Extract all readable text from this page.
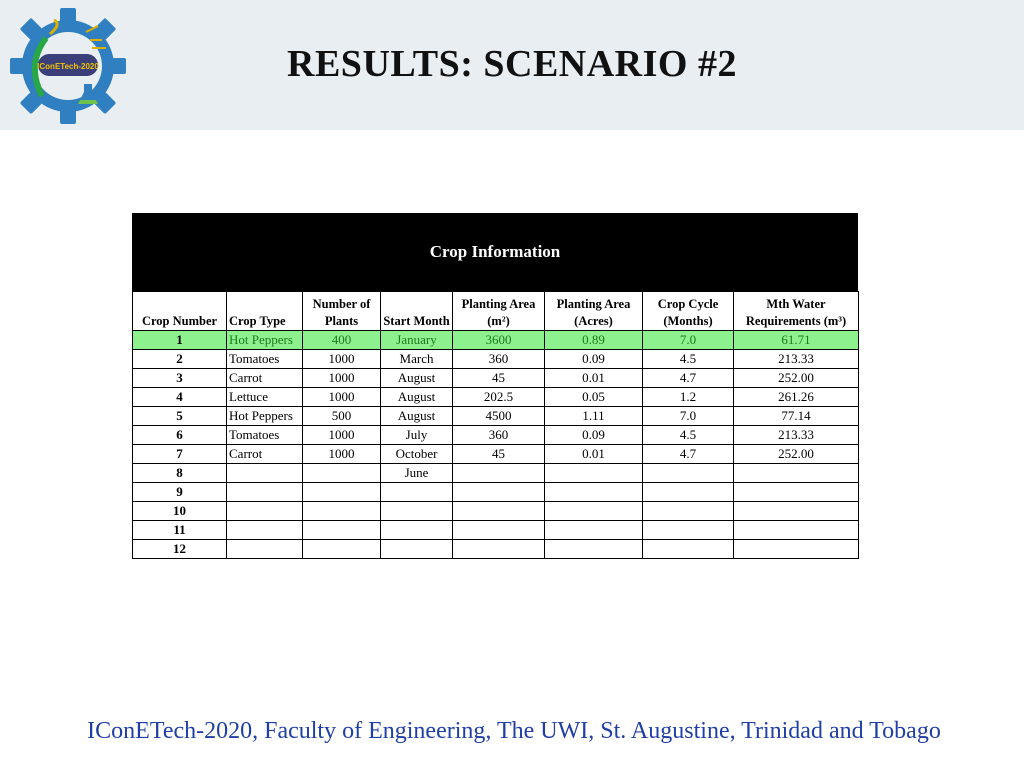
IConETech-2020	RESULTS: SCENARIO #2
Crop Information
Crop Number	Crop Type	Number of Plants	Start Month	Planting Area (m²)	Planting Area (Acres)	Crop Cycle (Months)	Mth Water Requirements (m³)
1	Hot Peppers	400	January	3600	0.89	7.0	61.71
2	Tomatoes	1000	March	360	0.09	4.5	213.33
3	Carrot	1000	August	45	0.01	4.7	252.00
4	Lettuce	1000	August	202.5	0.05	1.2	261.26
5	Hot Peppers	500	August	4500	1.11	7.0	77.14
6	Tomatoes	1000	July	360	0.09	4.5	213.33
7	Carrot	1000	October	45	0.01	4.7	252.00
8			June				
9							
10							
11							
12							
IConETech-2020, Faculty of Engineering, The UWI, St. Augustine, Trinidad and Tobago
